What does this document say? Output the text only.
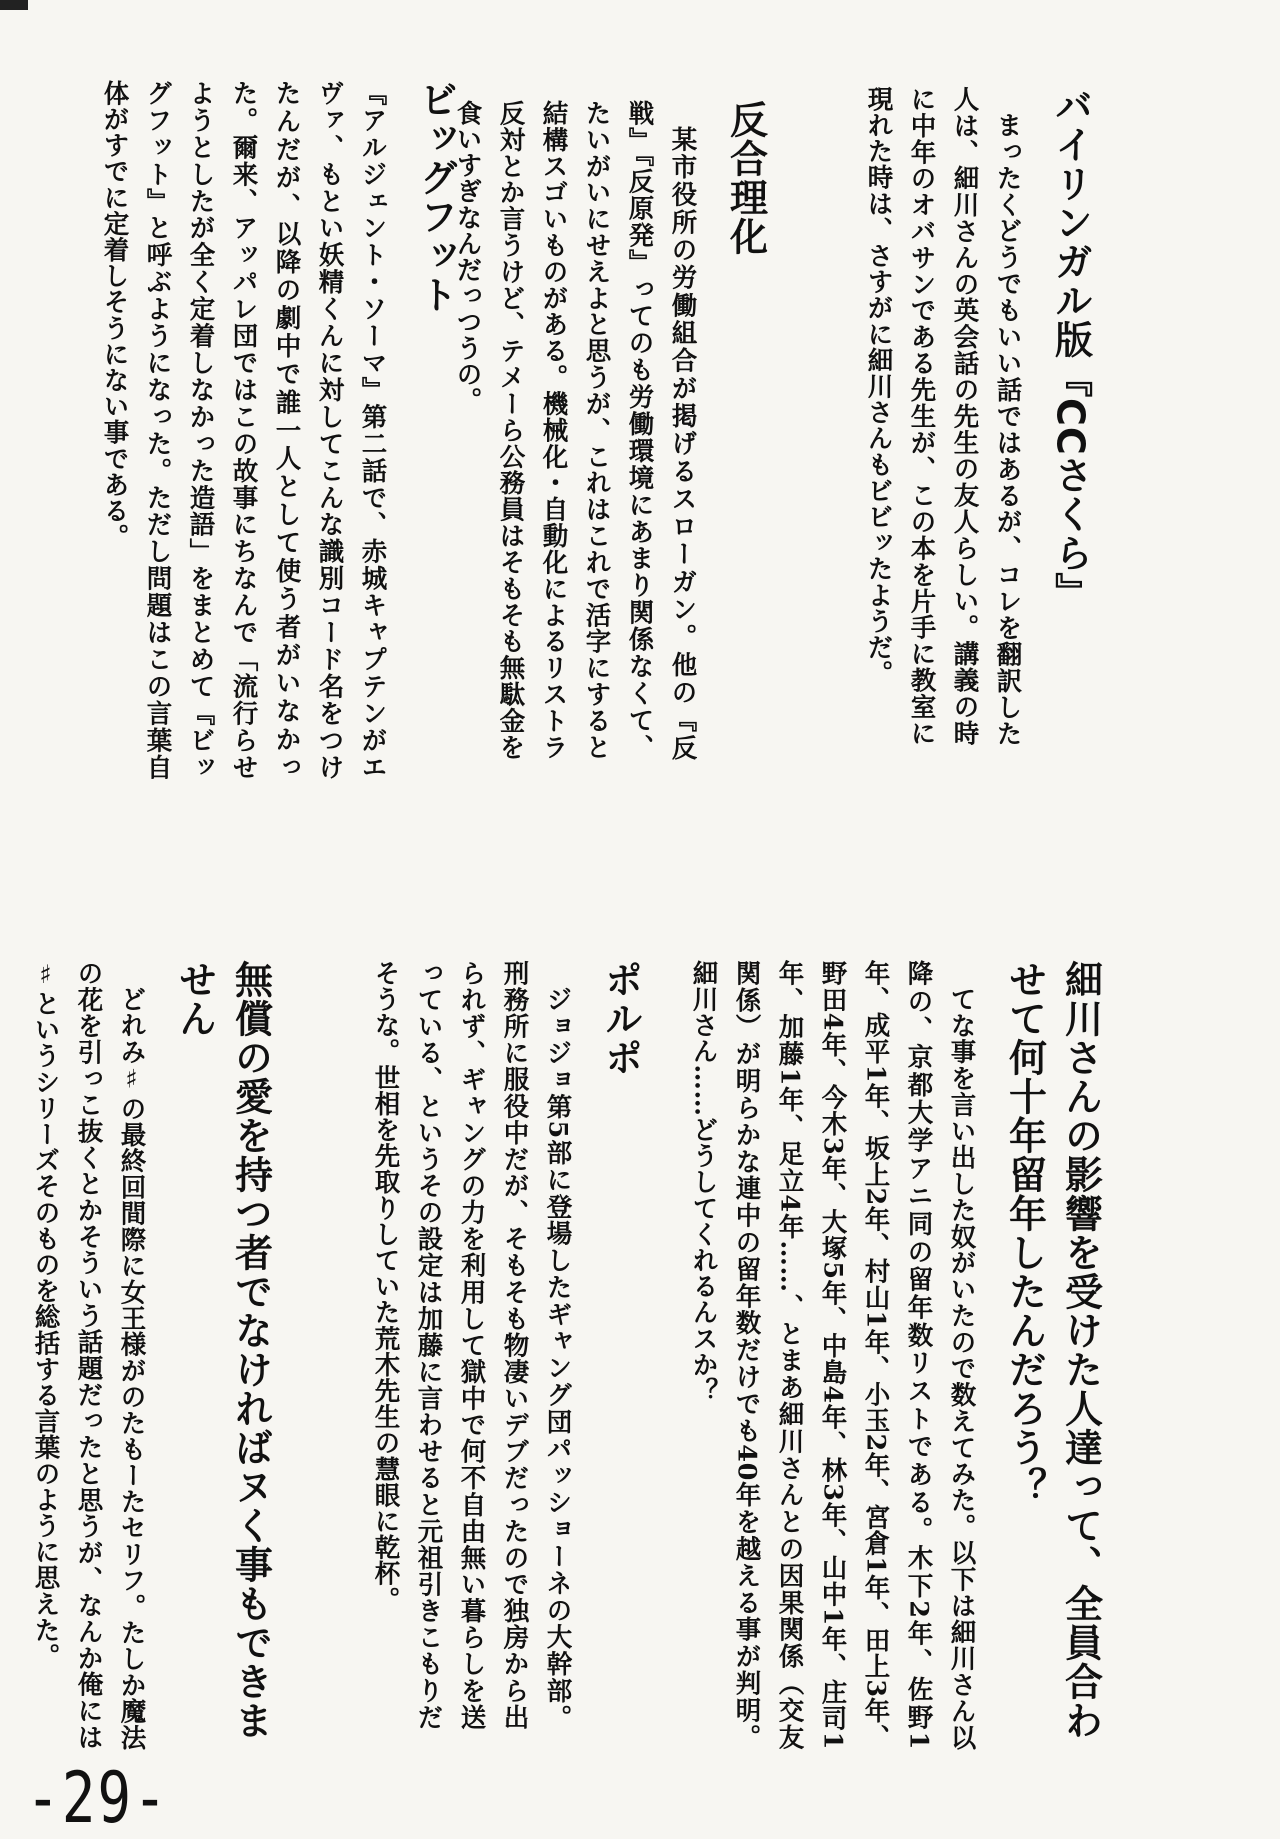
バイリンガル版『CCさくら』

まったくどうでもいい話ではあるが、コレを翻訳した人は、細川さんの英会話の先生の友人らしい。講義の時に中年のオバサンである先生が、この本を片手に教室に現れた時は、さすがに細川さんもビビッたようだ。

反合理化

某市役所の労働組合が掲げるスローガン。他の『反戦』『反原発』ってのも労働環境にあまり関係なくて、たいがいにせえよと思うが、これはこれで活字にすると結構スゴいものがある。機械化・自動化によるリストラ反対とか言うけど、テメーら公務員はそもそも無駄金を食いすぎなんだっつうの。

ビッグフット

『アルジェント・ソーマ』第二話で、赤城キャプテンがエヴァ、もとい妖精くんに対してこんな識別コード名をつけたんだが、以降の劇中で誰一人として使う者がいなかった。爾来、アッパレ団ではこの故事にちなんで「流行らせようとしたが全く定着しなかった造語」をまとめて『ビッグフット』と呼ぶようになった。ただし問題はこの言葉自体がすでに定着しそうにない事である。

細川さんの影響を受けた人達って、全員合わせて何十年留年したんだろう？

てな事を言い出した奴がいたので数えてみた。以下は細川さん以降の、京都大学アニ同の留年数リストである。木下2年、佐野1年、成平1年、坂上2年、村山1年、小玉2年、宮倉1年、田上3年、野田4年、今木3年、大塚5年、中島4年、林3年、山中1年、庄司1年、加藤1年、足立4年……、とまあ細川さんとの因果関係（交友関係）が明らかな連中の留年数だけでも40年を越える事が判明。細川さん……どうしてくれるんスか？

ポルポ

ジョジョ第5部に登場したギャング団パッショーネの大幹部。刑務所に服役中だが、そもそも物凄いデブだったので独房から出られず、ギャングの力を利用して獄中で何不自由無い暮らしを送っている、というその設定は加藤に言わせると元祖引きこもりだそうな。世相を先取りしていた荒木先生の慧眼に乾杯。

無償の愛を持つ者でなければヌく事もできません

どれみ♯の最終回間際に女王様がのたもーたセリフ。たしか魔法の花を引っこ抜くとかそういう話題だったと思うが、なんか俺には♯というシリーズそのものを総括する言葉のように思えた。

-29-
